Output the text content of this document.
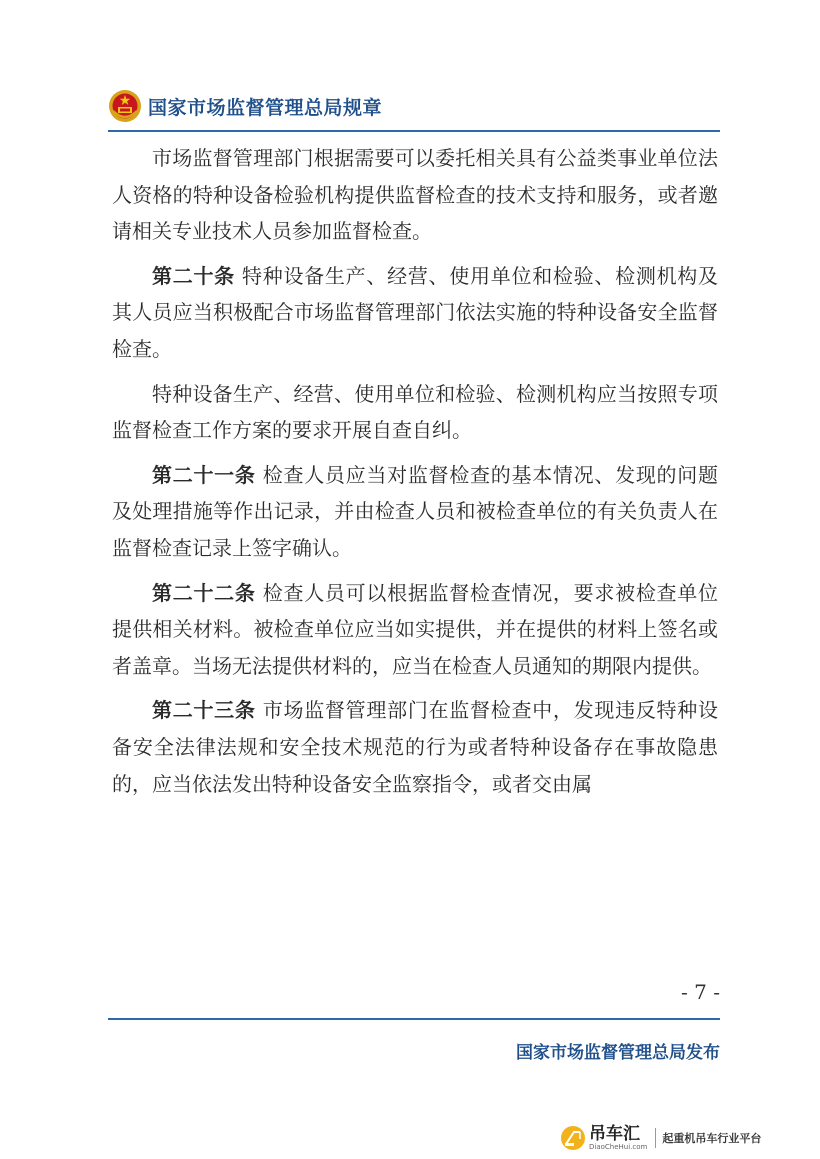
国家市场监督管理总局规章

市场监督管理部门根据需要可以委托相关具有公益类事业单位法人资格的特种设备检验机构提供监督检查的技术支持和服务，或者邀请相关专业技术人员参加监督检查。

第二十条 特种设备生产、经营、使用单位和检验、检测机构及其人员应当积极配合市场监督管理部门依法实施的特种设备安全监督检查。

特种设备生产、经营、使用单位和检验、检测机构应当按照专项监督检查工作方案的要求开展自查自纠。

第二十一条 检查人员应当对监督检查的基本情况、发现的问题及处理措施等作出记录，并由检查人员和被检查单位的有关负责人在监督检查记录上签字确认。

第二十二条 检查人员可以根据监督检查情况，要求被检查单位提供相关材料。被检查单位应当如实提供，并在提供的材料上签名或者盖章。当场无法提供材料的，应当在检查人员通知的期限内提供。

第二十三条 市场监督管理部门在监督检查中，发现违反特种设备安全法律法规和安全技术规范的行为或者特种设备存在事故隐患的，应当依法发出特种设备安全监察指令，或者交由属

- 7 -
国家市场监督管理总局发布
吊车汇
DiaoCheHui.com
起重机吊车行业平台
